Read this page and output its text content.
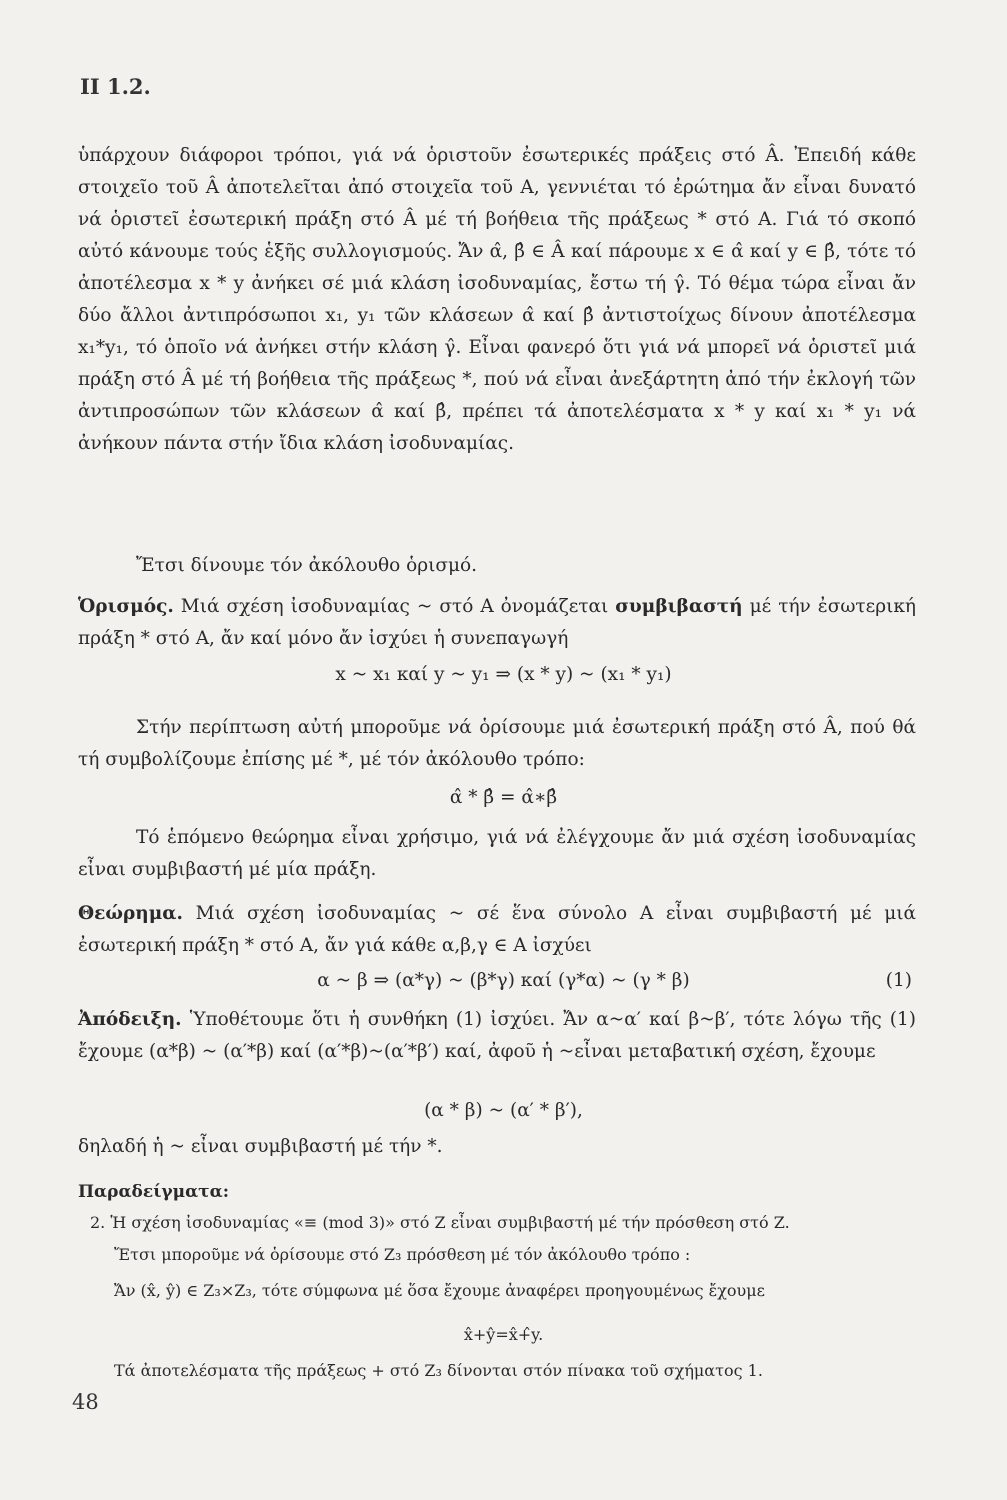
II 1.2.
ὑπάρχουν διάφοροι τρόποι, γιά νά ὁριστοῦν ἐσωτερικές πράξεις στό Â. Ἐπειδή κάθε στοιχεῖο τοῦ Â ἀποτελεῖται ἀπό στοιχεῖα τοῦ Α, γεννιέται τό ἐρώτημα ἄν εἶναι δυνατό νά ὁριστεῖ ἐσωτερική πράξη στό Â μέ τή βοήθεια τῆς πράξεως * στό Α. Γιά τό σκοπό αὐτό κάνουμε τούς ἑξῆς συλλογισμούς. Ἄν α̂, β̂ ∈ Â καί πάρουμε x ∈ α̂ καί y ∈ β̂, τότε τό ἀποτέλεσμα x * y ἀνήκει σέ μιά κλάση ἰσοδυναμίας, ἔστω τή γ̂. Τό θέμα τώρα εἶναι ἄν δύο ἄλλοι ἀντιπρόσωποι x₁, y₁ τῶν κλάσεων α̂ καί β̂ ἀντιστοίχως δίνουν ἀποτέλεσμα x₁*y₁, τό ὁποῖο νά ἀνήκει στήν κλάση γ̂. Εἶναι φανερό ὅτι γιά νά μπορεῖ νά ὁριστεῖ μιά πράξη στό Â μέ τή βοήθεια τῆς πράξεως *, πού νά εἶναι ἀνεξάρτητη ἀπό τήν ἐκλογή τῶν ἀντιπροσώπων τῶν κλάσεων α̂ καί β̂, πρέπει τά ἀποτελέσματα x * y καί x₁ * y₁ νά ἀνήκουν πάντα στήν ἴδια κλάση ἰσοδυναμίας.
Ἔτσι δίνουμε τόν ἀκόλουθο ὁρισμό.
Ὁρισμός. Μιά σχέση ἰσοδυναμίας ~ στό Α ὀνομάζεται συμβιβαστή μέ τήν ἐσωτερική πράξη * στό Α, ἄν καί μόνο ἄν ἰσχύει ἡ συνεπαγωγή
x ~ x₁ καί y ~ y₁ ⇒ (x * y) ~ (x₁ * y₁)
Στήν περίπτωση αὐτή μποροῦμε νά ὁρίσουμε μιά ἐσωτερική πράξη στό Â, πού θά τή συμβολίζουμε ἐπίσης μέ *, μέ τόν ἀκόλουθο τρόπο:
α̂ * β̂ = α̂∗β̂
Τό ἑπόμενο θεώρημα εἶναι χρήσιμο, γιά νά ἐλέγχουμε ἄν μιά σχέση ἰσοδυναμίας εἶναι συμβιβαστή μέ μία πράξη.
Θεώρημα. Μιά σχέση ἰσοδυναμίας ~ σέ ἕνα σύνολο Α εἶναι συμβιβαστή μέ μιά ἐσωτερική πράξη * στό Α, ἄν γιά κάθε α,β,γ ∈ Α ἰσχύει
α ~ β ⇒ (α*γ) ~ (β*γ) καί (γ*α) ~ (γ * β)	(1)
Ἀπόδειξη. Ὑποθέτουμε ὅτι ἡ συνθήκη (1) ἰσχύει. Ἄν α~α′ καί β~β′, τότε λόγω τῆς (1) ἔχουμε (α*β) ~ (α′*β) καί (α′*β)~(α′*β′) καί, ἀφοῦ ἡ ~εἶναι μεταβατική σχέση, ἔχουμε
(α * β) ~ (α′ * β′),
δηλαδή ἡ ~ εἶναι συμβιβαστή μέ τήν *.
Παραδείγματα:
2. Ἡ σχέση ἰσοδυναμίας «≡ (mod 3)» στό Z εἶναι συμβιβαστή μέ τήν πρόσθεση στό Z.
Ἔτσι μποροῦμε νά ὁρίσουμε στό Z₃ πρόσθεση μέ τόν ἀκόλουθο τρόπο :
Ἄν (x̂, ŷ) ∈ Z₃×Z₃, τότε σύμφωνα μέ ὅσα ἔχουμε ἀναφέρει προηγουμένως ἔχουμε
x̂+ŷ=x̂+̂y.
Τά ἀποτελέσματα τῆς πράξεως + στό Z₃ δίνονται στόν πίνακα τοῦ σχήματος 1.
48
